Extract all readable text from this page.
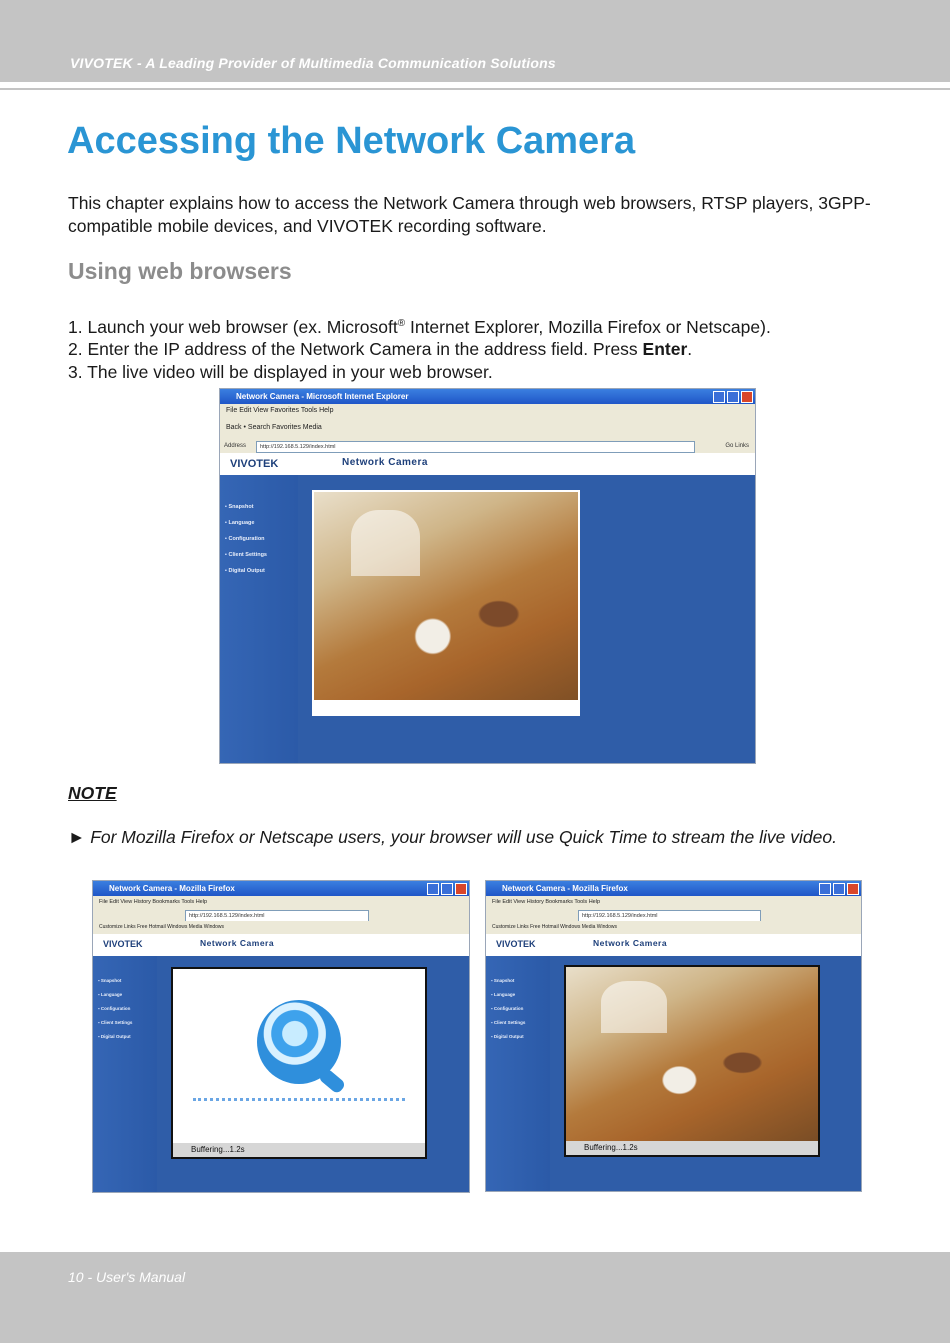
VIVOTEK - A Leading Provider of Multimedia Communication Solutions
Accessing the Network Camera

This chapter explains how to access the Network Camera through web browsers, RTSP players, 3GPP-compatible mobile devices, and VIVOTEK recording software.

Using web browsers
1. Launch your web browser (ex. Microsoft® Internet Explorer, Mozilla Firefox or Netscape).
2. Enter the IP address of the Network Camera in the address field. Press Enter.
3. The live video will be displayed in your web browser.
Network Camera - Microsoft Internet Explorer
File Edit View Favorites Tools Help
Back • Search Favorites Media
Address	http://192.168.5.129/index.html	Go Links
VIVOTEK	Network Camera
▪ Snapshot
▪ Language
▪ Configuration
▪ Client Settings
▪ Digital Output
NOTE
► For Mozilla Firefox or Netscape users, your browser will use Quick Time to stream the live video.
Network Camera - Mozilla Firefox
File Edit View History Bookmarks Tools Help
http://192.168.5.129/index.html
Customize Links Free Hotmail Windows Media Windows
VIVOTEK	Network Camera
▪ Snapshot
▪ Language
▪ Configuration
▪ Client Settings
▪ Digital Output
Buffering...1.2s
Network Camera - Mozilla Firefox
File Edit View History Bookmarks Tools Help
http://192.168.5.129/index.html
Customize Links Free Hotmail Windows Media Windows
VIVOTEK	Network Camera
▪ Snapshot
▪ Language
▪ Configuration
▪ Client Settings
▪ Digital Output
Buffering...1.2s
10 - User's Manual
